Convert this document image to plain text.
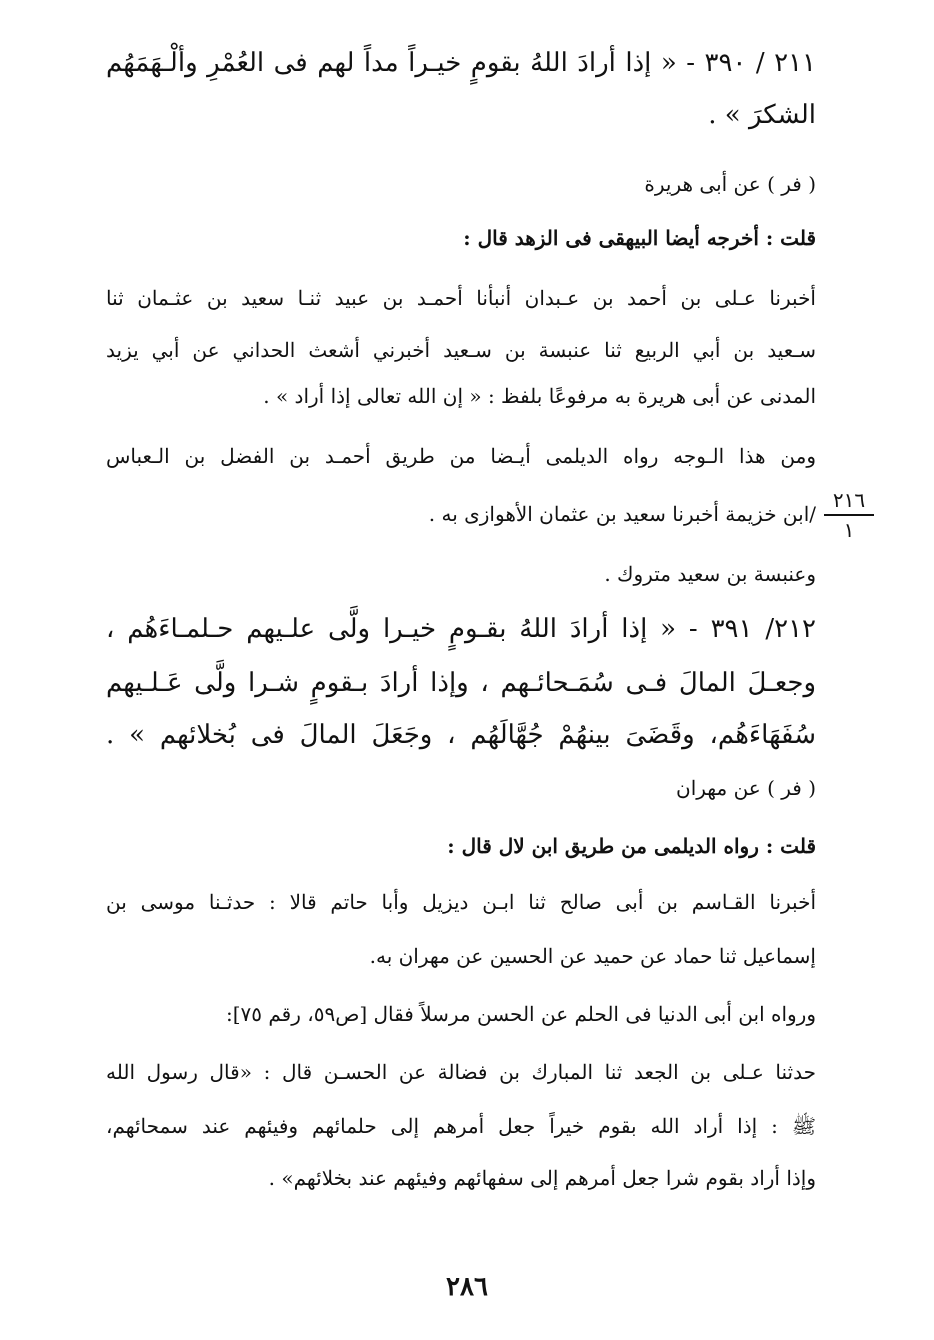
٢١١ / ٣٩٠ - « إذا أرادَ اللهُ بقومٍ خيـراً مداً لهم فى العُمْرِ وألْـهَمَهُم
الشكرَ » .
( فر ) عن أبى هريرة
قلت : أخرجه أيضا البيهقى فى الزهد قال :
أخبرنا عـلى بن أحمد بن عـبدان أنبأنا أحمـد بن عبيد ثنـا سعيد بن عثـمان ثنا
سـعيد بن أبي الربيع ثنا عنبسة بن سـعيد أخبرني أشعث الحداني عن أبي يزيد
المدنى عن أبى هريرة به مرفوعًا بلفظ : « إن الله تعالى إذا أراد » .
ومن هذا الـوجه رواه الديلمى أيـضا من طريق أحمـد بن الفضل بن الـعباس
/ابن خزيمة أخبرنا سعيد بن عثمان الأهوازى به .
٢١٦
١
وعنبسة بن سعيد متروك .
٢١٢/ ٣٩١ - « إذا أرادَ اللهُ بقـومٍ خيـرا ولَّى علـيهم حـلمـاءَهُم ،
وجعـلَ المالَ فـى سُمَـحائـهم ، وإذا أرادَ بـقومٍ شـرا ولَّى عَـلـيهم
سُفَهَاءَهُم، وقَضَىَ بينهُمْ جُهَّالَهُم ، وجَعَلَ المالَ فى بُخلائهم » .
( فر ) عن مهران
قلت : رواه الديلمى من طريق ابن لال قال :
أخبرنا القـاسم بن أبى صالح ثنا ابـن ديزيل وأبا حاتم قالا : حدثـنا موسى بن
إسماعيل ثنا حماد عن حميد عن الحسين عن مهران به.
ورواه ابن أبى الدنيا فى الحلم عن الحسن مرسلاً فقال [ص٥٩، رقم ٧٥]:
حدثنا عـلى بن الجعد ثنا المبارك بن فضالة عن الحسـن قال : «قال رسول الله
ﷺ : إذا أراد الله بقوم خيراً جعل أمرهم إلى حلمائهم وفيئهم عند سمحائهم،
وإذا أراد بقوم شرا جعل أمرهم إلى سفهائهم وفيئهم عند بخلائهم» .
٢٨٦
